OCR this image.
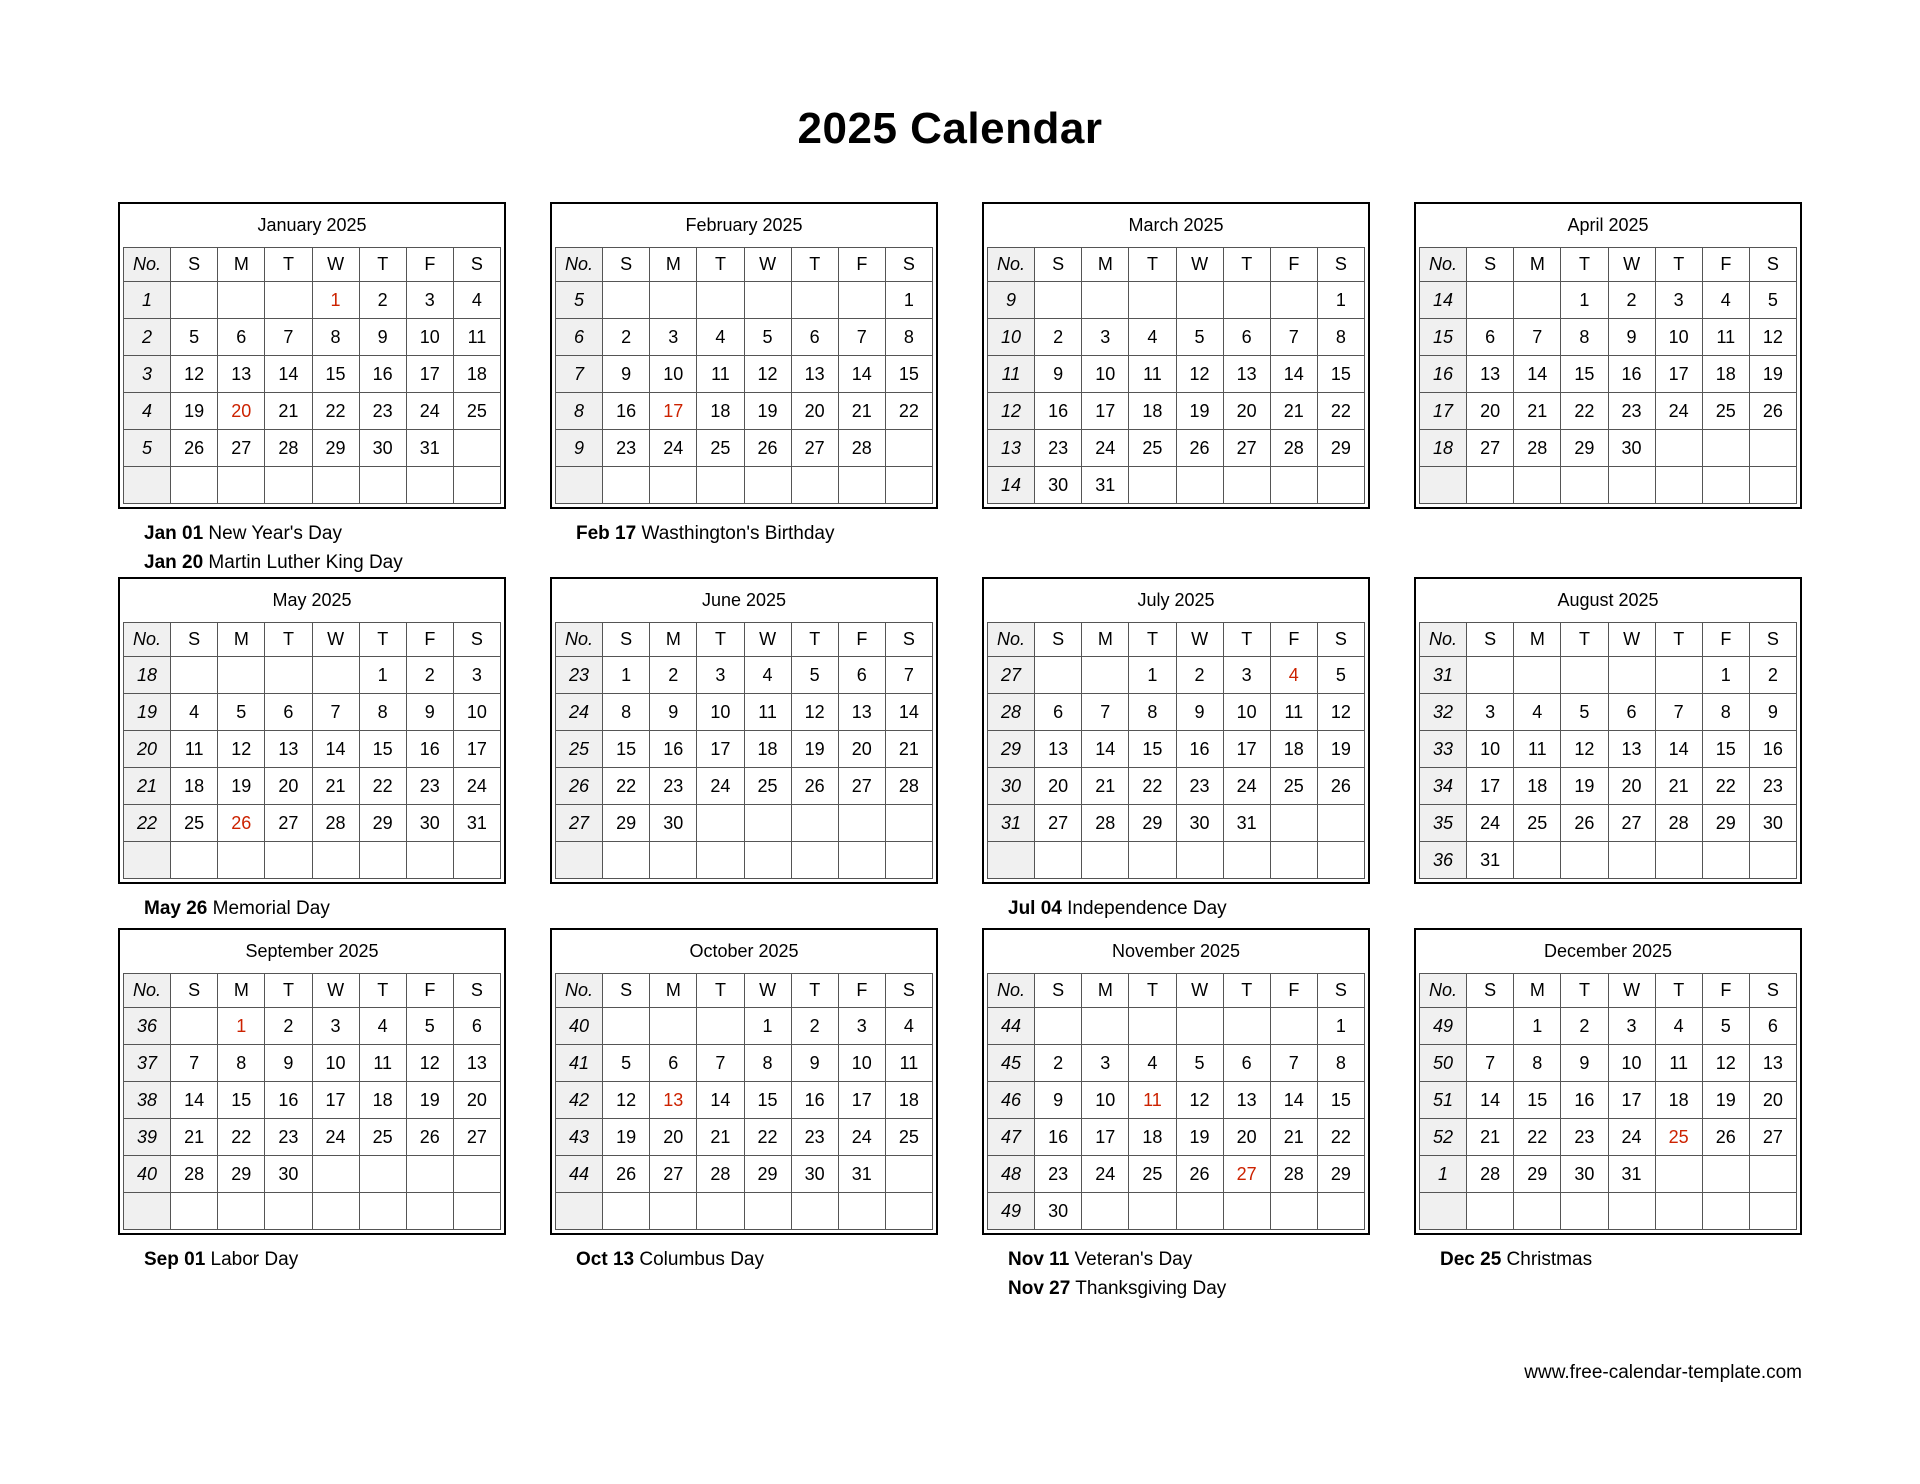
2025 Calendar
January 2025							
No.	S	M	T	W	T	F	S
1				1	2	3	4
2	5	6	7	8	9	10	11
3	12	13	14	15	16	17	18
4	19	20	21	22	23	24	25
5	26	27	28	29	30	31	

Jan 01 New Year's Day
Jan 20 Martin Luther King Day
February 2025							
No.	S	M	T	W	T	F	S
5							1
6	2	3	4	5	6	7	8
7	9	10	11	12	13	14	15
8	16	17	18	19	20	21	22
9	23	24	25	26	27	28	

Feb 17 Wasthington's Birthday
March 2025							
No.	S	M	T	W	T	F	S
9							1
10	2	3	4	5	6	7	8
11	9	10	11	12	13	14	15
12	16	17	18	19	20	21	22
13	23	24	25	26	27	28	29
14	30	31					
April 2025							
No.	S	M	T	W	T	F	S
14			1	2	3	4	5
15	6	7	8	9	10	11	12
16	13	14	15	16	17	18	19
17	20	21	22	23	24	25	26
18	27	28	29	30			

May 2025							
No.	S	M	T	W	T	F	S
18					1	2	3
19	4	5	6	7	8	9	10
20	11	12	13	14	15	16	17
21	18	19	20	21	22	23	24
22	25	26	27	28	29	30	31

May 26 Memorial Day
June 2025							
No.	S	M	T	W	T	F	S
23	1	2	3	4	5	6	7
24	8	9	10	11	12	13	14
25	15	16	17	18	19	20	21
26	22	23	24	25	26	27	28
27	29	30					

July 2025							
No.	S	M	T	W	T	F	S
27			1	2	3	4	5
28	6	7	8	9	10	11	12
29	13	14	15	16	17	18	19
30	20	21	22	23	24	25	26
31	27	28	29	30	31		

Jul 04 Independence Day
August 2025							
No.	S	M	T	W	T	F	S
31						1	2
32	3	4	5	6	7	8	9
33	10	11	12	13	14	15	16
34	17	18	19	20	21	22	23
35	24	25	26	27	28	29	30
36	31						
September 2025							
No.	S	M	T	W	T	F	S
36		1	2	3	4	5	6
37	7	8	9	10	11	12	13
38	14	15	16	17	18	19	20
39	21	22	23	24	25	26	27
40	28	29	30				

Sep 01 Labor Day
October 2025							
No.	S	M	T	W	T	F	S
40				1	2	3	4
41	5	6	7	8	9	10	11
42	12	13	14	15	16	17	18
43	19	20	21	22	23	24	25
44	26	27	28	29	30	31	

Oct 13 Columbus Day
November 2025							
No.	S	M	T	W	T	F	S
44							1
45	2	3	4	5	6	7	8
46	9	10	11	12	13	14	15
47	16	17	18	19	20	21	22
48	23	24	25	26	27	28	29
49	30						
Nov 11 Veteran's Day
Nov 27 Thanksgiving Day
December 2025							
No.	S	M	T	W	T	F	S
49		1	2	3	4	5	6
50	7	8	9	10	11	12	13
51	14	15	16	17	18	19	20
52	21	22	23	24	25	26	27
1	28	29	30	31			

Dec 25 Christmas
www.free-calendar-template.com
